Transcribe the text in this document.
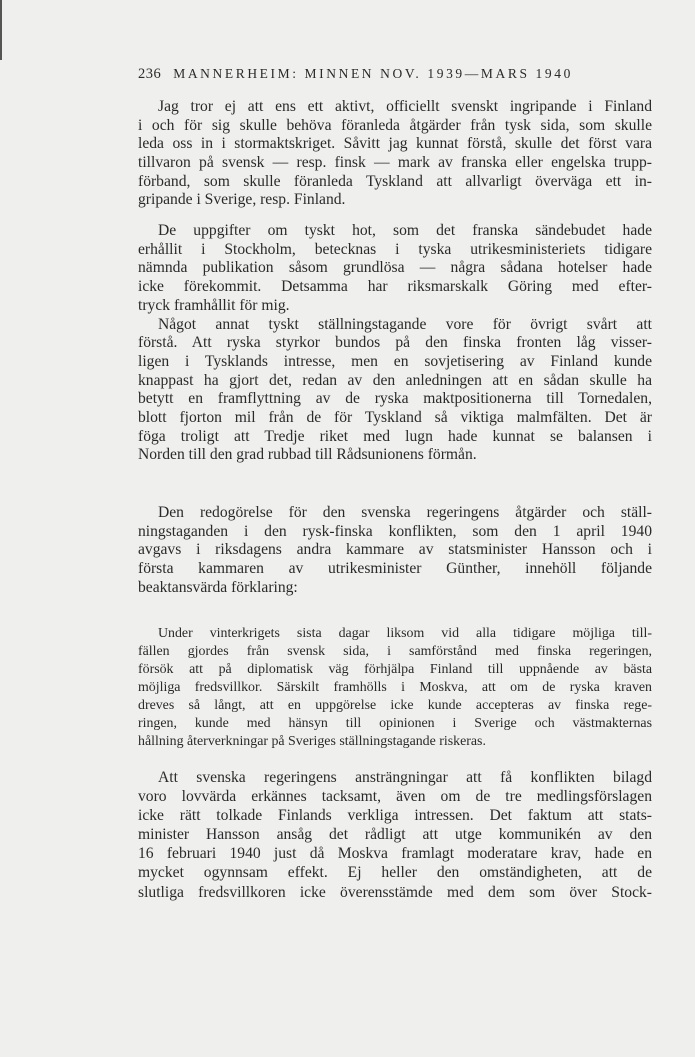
236 MANNERHEIM: MINNEN NOV. 1939—MARS 1940
Jag tror ej att ens ett aktivt, officiellt svenskt ingripande i Finland
i och för sig skulle behöva föranleda åtgärder från tysk sida, som skulle
leda oss in i stormaktskriget. Såvitt jag kunnat förstå, skulle det först vara
tillvaron på svensk — resp. finsk — mark av franska eller engelska trupp-
förband, som skulle föranleda Tyskland att allvarligt överväga ett in-
gripande i Sverige, resp. Finland.
De uppgifter om tyskt hot, som det franska sändebudet hade
erhållit i Stockholm, betecknas i tyska utrikesministeriets tidigare
nämnda publikation såsom grundlösa — några sådana hotelser hade
icke förekommit. Detsamma har riksmarskalk Göring med efter-
tryck framhållit för mig.
Något annat tyskt ställningstagande vore för övrigt svårt att
förstå. Att ryska styrkor bundos på den finska fronten låg visser-
ligen i Tysklands intresse, men en sovjetisering av Finland kunde
knappast ha gjort det, redan av den anledningen att en sådan skulle ha
betytt en framflyttning av de ryska maktpositionerna till Tornedalen,
blott fjorton mil från de för Tyskland så viktiga malmfälten. Det är
föga troligt att Tredje riket med lugn hade kunnat se balansen i
Norden till den grad rubbad till Rådsunionens förmån.
Den redogörelse för den svenska regeringens åtgärder och ställ-
ningstaganden i den rysk-finska konflikten, som den 1 april 1940
avgavs i riksdagens andra kammare av statsminister Hansson och i
första kammaren av utrikesminister Günther, innehöll följande
beaktansvärda förklaring:
Under vinterkrigets sista dagar liksom vid alla tidigare möjliga till-
fällen gjordes från svensk sida, i samförstånd med finska regeringen,
försök att på diplomatisk väg förhjälpa Finland till uppnående av bästa
möjliga fredsvillkor. Särskilt framhölls i Moskva, att om de ryska kraven
dreves så långt, att en uppgörelse icke kunde accepteras av finska rege-
ringen, kunde med hänsyn till opinionen i Sverige och västmakternas
hållning återverkningar på Sveriges ställningstagande riskeras.
Att svenska regeringens ansträngningar att få konflikten bilagd
voro lovvärda erkännes tacksamt, även om de tre medlingsförslagen
icke rätt tolkade Finlands verkliga intressen. Det faktum att stats-
minister Hansson ansåg det rådligt att utge kommunikén av den
16 februari 1940 just då Moskva framlagt moderatare krav, hade en
mycket ogynnsam effekt. Ej heller den omständigheten, att de
slutliga fredsvillkoren icke överensstämde med dem som över Stock-
